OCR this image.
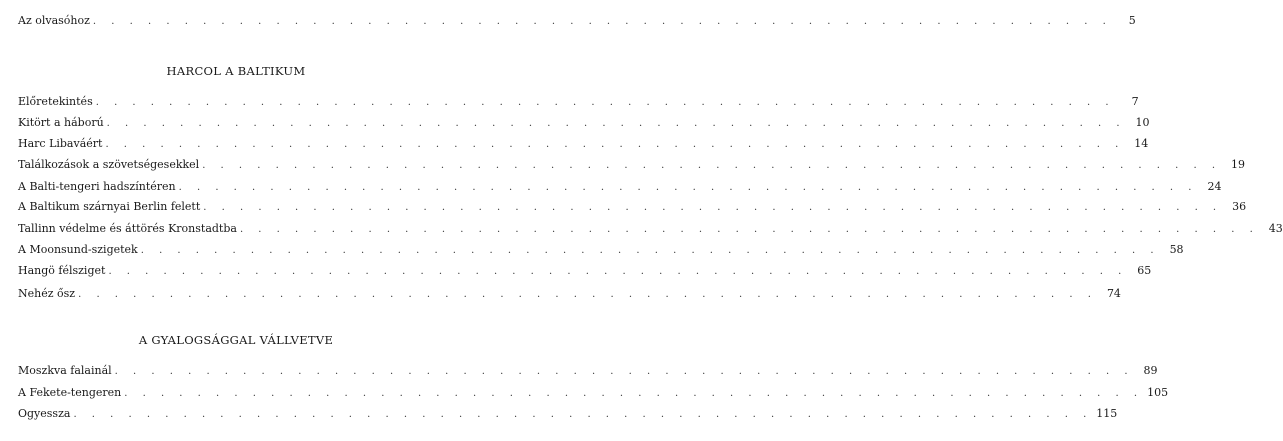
Az olvasóhoz . . . . . . . . . . . . . . . . . . . . . . . . . . . . . . . . . . . . . . . . . . . . . . . . . . . . . . . .	5
HARCOL A BALTIKUM
Előretekintés . . . . . . . . . . . . . . . . . . . . . . . . . . . . . . . . . . . . . . . . . . . . . . . . . . . . . . . .	7
Kitört a háború . . . . . . . . . . . . . . . . . . . . . . . . . . . . . . . . . . . . . . . . . . . . . . . . . . . . . . . . 10
Harc Libaváért . . . . . . . . . . . . . . . . . . . . . . . . . . . . . . . . . . . . . . . . . . . . . . . . . . . . . . . . 14
Találkozások a szövetségesekkel . . . . . . . . . . . . . . . . . . . . . . . . . . . . . . . . . . . . . . . . . . . . . . . . . . . . . . . . 19
A Balti-tengeri hadszíntéren . . . . . . . . . . . . . . . . . . . . . . . . . . . . . . . . . . . . . . . . . . . . . . . . . . . . . . . . 24
A Baltikum szárnyai Berlin felett . . . . . . . . . . . . . . . . . . . . . . . . . . . . . . . . . . . . . . . . . . . . . . . . . . . . . . . . 36
Tallinn védelme és áttörés Kronstadtba . . . . . . . . . . . . . . . . . . . . . . . . . . . . . . . . . . . . . . . . . . . . . . . . . . . . . . . . 43
A Moonsund-szigetek . . . . . . . . . . . . . . . . . . . . . . . . . . . . . . . . . . . . . . . . . . . . . . . . . . . . . . . . 58
Hangö félsziget . . . . . . . . . . . . . . . . . . . . . . . . . . . . . . . . . . . . . . . . . . . . . . . . . . . . . . . . 65
Nehéz ősz . . . . . . . . . . . . . . . . . . . . . . . . . . . . . . . . . . . . . . . . . . . . . . . . . . . . . . . . 74
A GYALOGSÁGGAL VÁLLVETVE
Moszkva falainál . . . . . . . . . . . . . . . . . . . . . . . . . . . . . . . . . . . . . . . . . . . . . . . . . . . . . . . . 89
A Fekete-tengeren . . . . . . . . . . . . . . . . . . . . . . . . . . . . . . . . . . . . . . . . . . . . . . . . . . . . . . . . 105
Ogyessza . . . . . . . . . . . . . . . . . . . . . . . . . . . . . . . . . . . . . . . . . . . . . . . . . . . . . . . . 115
